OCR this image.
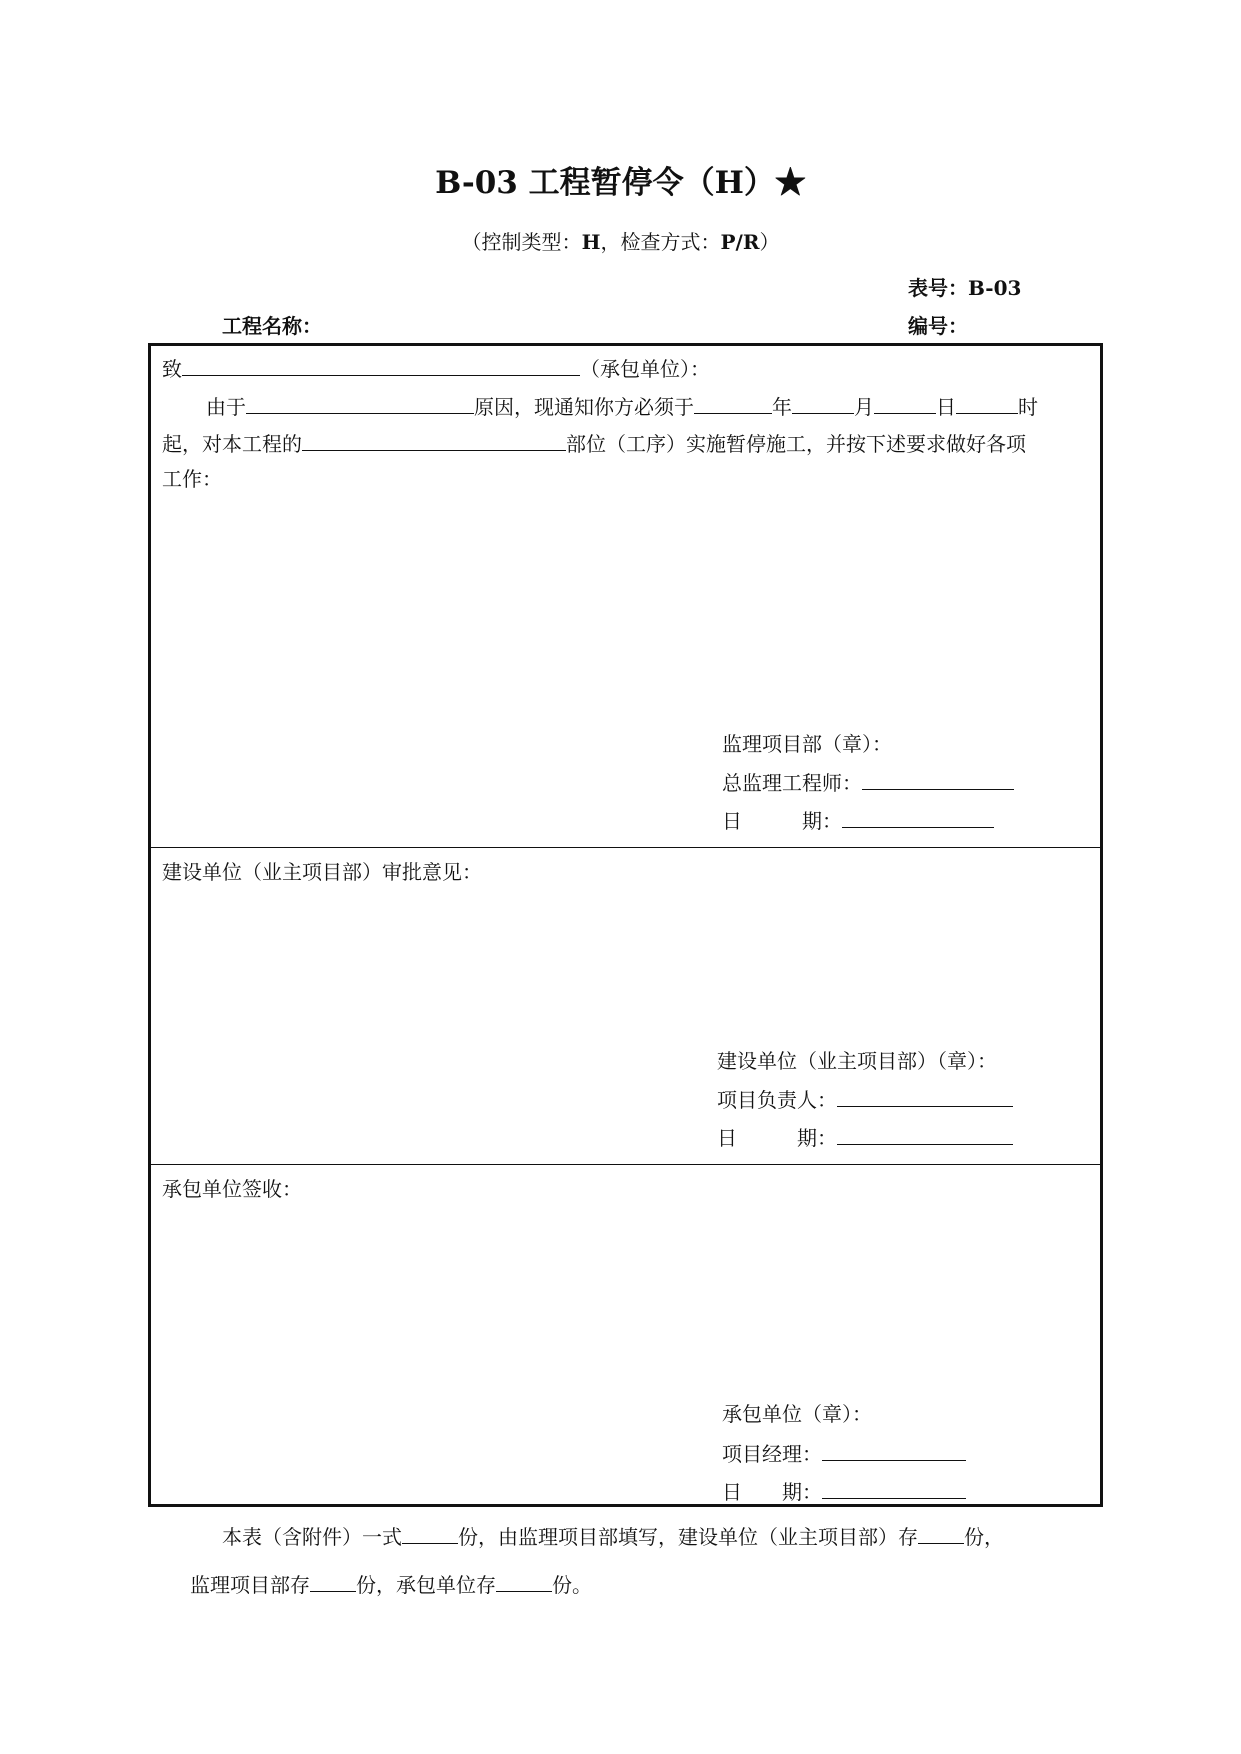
B-03 工程暂停令（H）★
（控制类型：H，检查方式：P/R）
表号：B-03
工程名称：	编号：
致	（承包单位）：
由于	原因，现通知你方必须于	年	月	日	时
起，对本工程的	部位（工序）实施暂停施工，并按下述要求做好各项
工作：
监理项目部（章）：
总监理工程师：
日　　　期：
建设单位（业主项目部）审批意见：
建设单位（业主项目部）（章）：
项目负责人：
日　　　期：
承包单位签收：
承包单位（章）：
项目经理：
日　　期：
本表（含附件）一式	份，由监理项目部填写，建设单位（业主项目部）存 份，
监理项目部存 份，承包单位存	份。
